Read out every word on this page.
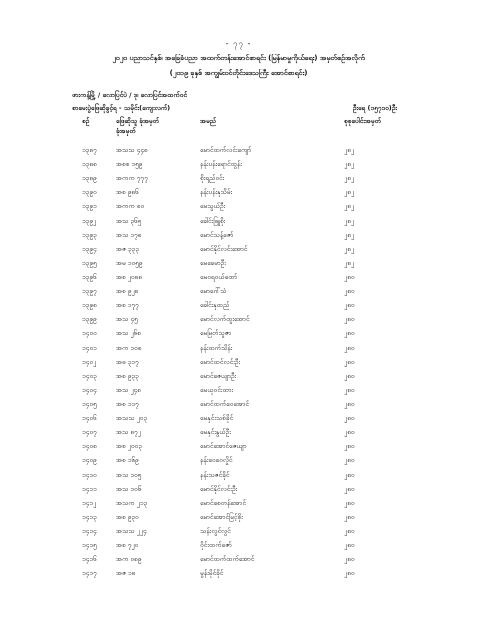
- ၇၇ -
၂၀၂၀ ပညာသင်နှစ်၊ အခြေခံပညာ အထက်တန်းအောင်စာရင်း (မြန်မာမှုကိုယ်ရေး) အမှတ်စဉ်အလိုက်
(၂၀၁၉ ခုနှစ် အကျွမ်းဝင်တိုင်းဒေသကြီး အောင်စာရင်း)
ဖားကန့်မြို့ / လောပြင်ပဲ / ဒု၊ လောပြင်အထက်ဝင်
စာမေးပွဲဖြေဆိုခွင့်ရ - သမိုင်း(ကျေးလက်)	ဦးရေ (၁၅၇၁၀)ဦး
စဉ်	ဖြေဆိုသူ ခုံအမှတ်
ခုံအမှတ်
အမည်	စုစုပေါင်းအမှတ်
၁၃၈၇	အသသ ၄၄၈	မောင်ထက်လင်းကျော်	၂၈၂
၁၃၈၈	အစစ ၁၅၉	နန်းပန်းရောင်ထွန်း	၂၈၂
၁၃၈၉	အကက ၇၇၇	စိုးရည်ဝင်း	၂၈၂
၁၃၉၀	အစ ၉၈၆	နန်းပန်းနုသိမ်း	၂၈၂
၁၃၉၁	အကက ၈၀	မေသွယ်ဦး	၂၈၂
၁၃၉၂	အသ ၃၆၅	ခေါင်းဖြူစိုး	၂၈၂
၁၃၉၃	အသ ၁၇၈	မောင်သန့်ဇော်	၂၈၂
၁၃၉၄	အဇ ၃၃၃	မောင်နိုင်လင်းအောင်	၂၈၂
၁၃၉၅	အမ ၁၀၅၉	မေခေမာဦး	၂၈၂
၁၃၉၆	အစ ၂၀၈၈	မေဝရဝယ်ထော်	၂၈၀
၁၃၉၇	အစ ၉၂၈	မောဂေါ်သံ	၂၈၀
၁၃၉၈	အစ ၁၇၇	ခေါင်းနုထည်	၂၈၀
၁၃၉၉	အသ ၄၅	မောင်လက်ထူးအောင်	၂၈၀
၁၄၀၀	အသ ၂၆၈	မေမြတ်သူဇာ	၂၈၀
၁၄၀၁	အက ၁၀၈	နန်းထက်သိန်း	၂၈၀
၁၄၀၂	အဓ ၃၁၇	မောင်ထင်လင်းဦး	၂၈၀
၁၄၀၃	အစ ၉၃၃	မောင်ဇေယျာဦး	၂၈၀
၁၄၀၄	အသ ၂၄၈	မေယုဝင်းထား	၂၈၀
၁၄၀၅	အစ ၁၁၇	မောင်ထက်ဝေအောင်	၂၈၀
၁၄၀၆	အသသ ၂၀၃	မေနှင်းသစ်ခိုင်	၂၈၀
၁၄၀၇	အသ ၈၇၂	မေနှင်းနွယ်ဦး	၂၈၀
၁၄၀၈	အစ ၂၀၀၃	မောင်အောင်ဇေယျာ	၂၈၀
၁၄၀၉	အစ ၁၆၉	နန်းဝေဝေလှိုင်	၂၈၀
၁၄၁၀	အသ ၁၀၅	နန်းသဇင်ခိုင်	၂၈၀
၁၄၁၁	အသ ၁၀၆	မောင်နိုင်လင်းဦး	၂၈၀
၁၄၁၂	အသက ၂၁၃	မောင်စေတန်အောင်	၂၈၀
၁၄၁၃	အစ ၉၃၀	မောင်အောင်မြင့်စိုး	၂၈၀
၁၄၁၄	အသသ ၂၂၄	သန်းလွင်လွင်	၂၈၀
၁၄၁၅	အစ ၇၂၀	ဝိုင်းထက်ဇော်	၂၈၀
၁၄၁၆	အက ၀၈၉	မောင်ထက်ထက်အောင်	၂၈၀
၁၄၁၇	အဇ ၁၈	မွန်းမိုင်ခိုင်	၂၈၀
